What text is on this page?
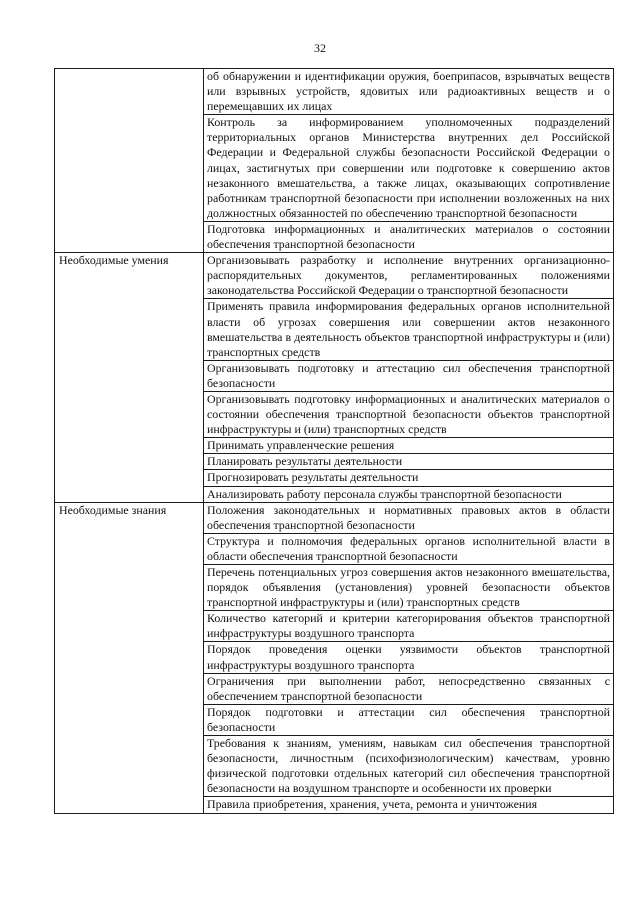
32
	об обнаружении и идентификации оружия, боеприпасов, взрывчатых веществ или взрывных устройств, ядовитых или радиоактивных веществ и о перемещавших их лицах
	Контроль за информированием уполномоченных подразделений территориальных органов Министерства внутренних дел Российской Федерации и Федеральной службы безопасности Российской Федерации о лицах, застигнутых при совершении или подготовке к совершению актов незаконного вмешательства, а также лицах, оказывающих сопротивление работникам транспортной безопасности при исполнении возложенных на них должностных обязанностей по обеспечению транспортной безопасности
	Подготовка информационных и аналитических материалов о состоянии обеспечения транспортной безопасности
Необходимые умения	Организовывать разработку и исполнение внутренних организационно-распорядительных документов, регламентированных положениями законодательства Российской Федерации о транспортной безопасности
	Применять правила информирования федеральных органов исполнительной власти об угрозах совершения или совершении актов незаконного вмешательства в деятельность объектов транспортной инфраструктуры и (или) транспортных средств
	Организовывать подготовку и аттестацию сил обеспечения транспортной безопасности
	Организовывать подготовку информационных и аналитических материалов о состоянии обеспечения транспортной безопасности объектов транспортной инфраструктуры и (или) транспортных средств
	Принимать управленческие решения
	Планировать результаты деятельности
	Прогнозировать результаты деятельности
	Анализировать работу персонала службы транспортной безопасности
Необходимые знания	Положения законодательных и нормативных правовых актов в области обеспечения транспортной безопасности
	Структура и полномочия федеральных органов исполнительной власти в области обеспечения транспортной безопасности
	Перечень потенциальных угроз совершения актов незаконного вмешательства, порядок объявления (установления) уровней безопасности объектов транспортной инфраструктуры и (или) транспортных средств
	Количество категорий и критерии категорирования объектов транспортной инфраструктуры воздушного транспорта
	Порядок проведения оценки уязвимости объектов транспортной инфраструктуры воздушного транспорта
	Ограничения при выполнении работ, непосредственно связанных с обеспечением транспортной безопасности
	Порядок подготовки и аттестации сил обеспечения транспортной безопасности
	Требования к знаниям, умениям, навыкам сил обеспечения транспортной безопасности, личностным (психофизиологическим) качествам, уровню физической подготовки отдельных категорий сил обеспечения транспортной безопасности на воздушном транспорте и особенности их проверки
	Правила приобретения, хранения, учета, ремонта и уничтожения
